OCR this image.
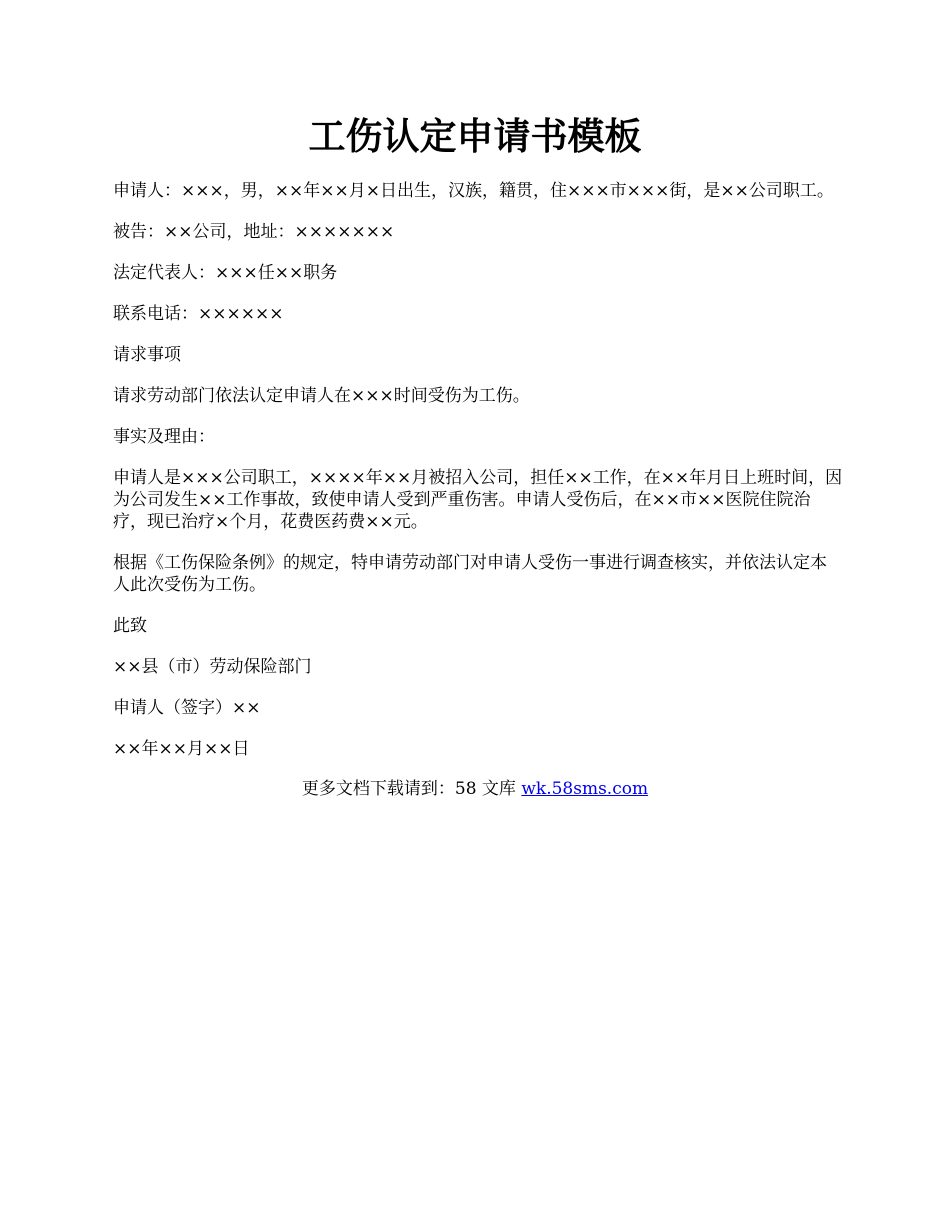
工伤认定申请书模板

申请人：×××，男，××年××月×日出生，汉族，籍贯，住×××市×××街，是××公司职工。

被告：××公司，地址：×××××××

法定代表人：×××任××职务

联系电话：××××××

请求事项

请求劳动部门依法认定申请人在×××时间受伤为工伤。

事实及理由：

申请人是×××公司职工，××××年××月被招入公司，担任××工作，在××年月日上班时间，因为公司发生××工作事故，致使申请人受到严重伤害。申请人受伤后，在××市××医院住院治疗，现已治疗×个月，花费医药费××元。

根据《工伤保险条例》的规定，特申请劳动部门对申请人受伤一事进行调查核实，并依法认定本人此次受伤为工伤。

此致

××县（市）劳动保险部门

申请人（签字）××

××年××月××日

更多文档下载请到：58 文库 wk.58sms.com
